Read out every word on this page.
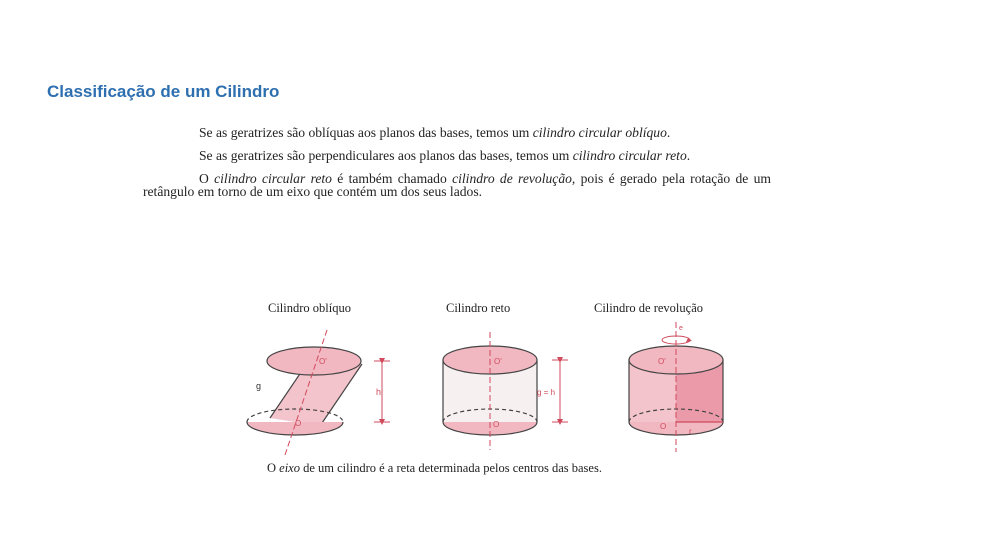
Classificação de um Cilindro

Se as geratrizes são oblíquas aos planos das bases, temos um cilindro circular oblíquo.

Se as geratrizes são perpendiculares aos planos das bases, temos um cilindro circular reto.

O cilindro circular reto é também chamado cilindro de revolução, pois é gerado pela rotação de um retângulo em torno de um eixo que contém um dos seus lados.

Cilindro oblíquo	Cilindro reto	Cilindro de revolução
O'
O
g
h
O'
O
g = h
e
O'
O
r
O eixo de um cilindro é a reta determinada pelos centros das bases.
